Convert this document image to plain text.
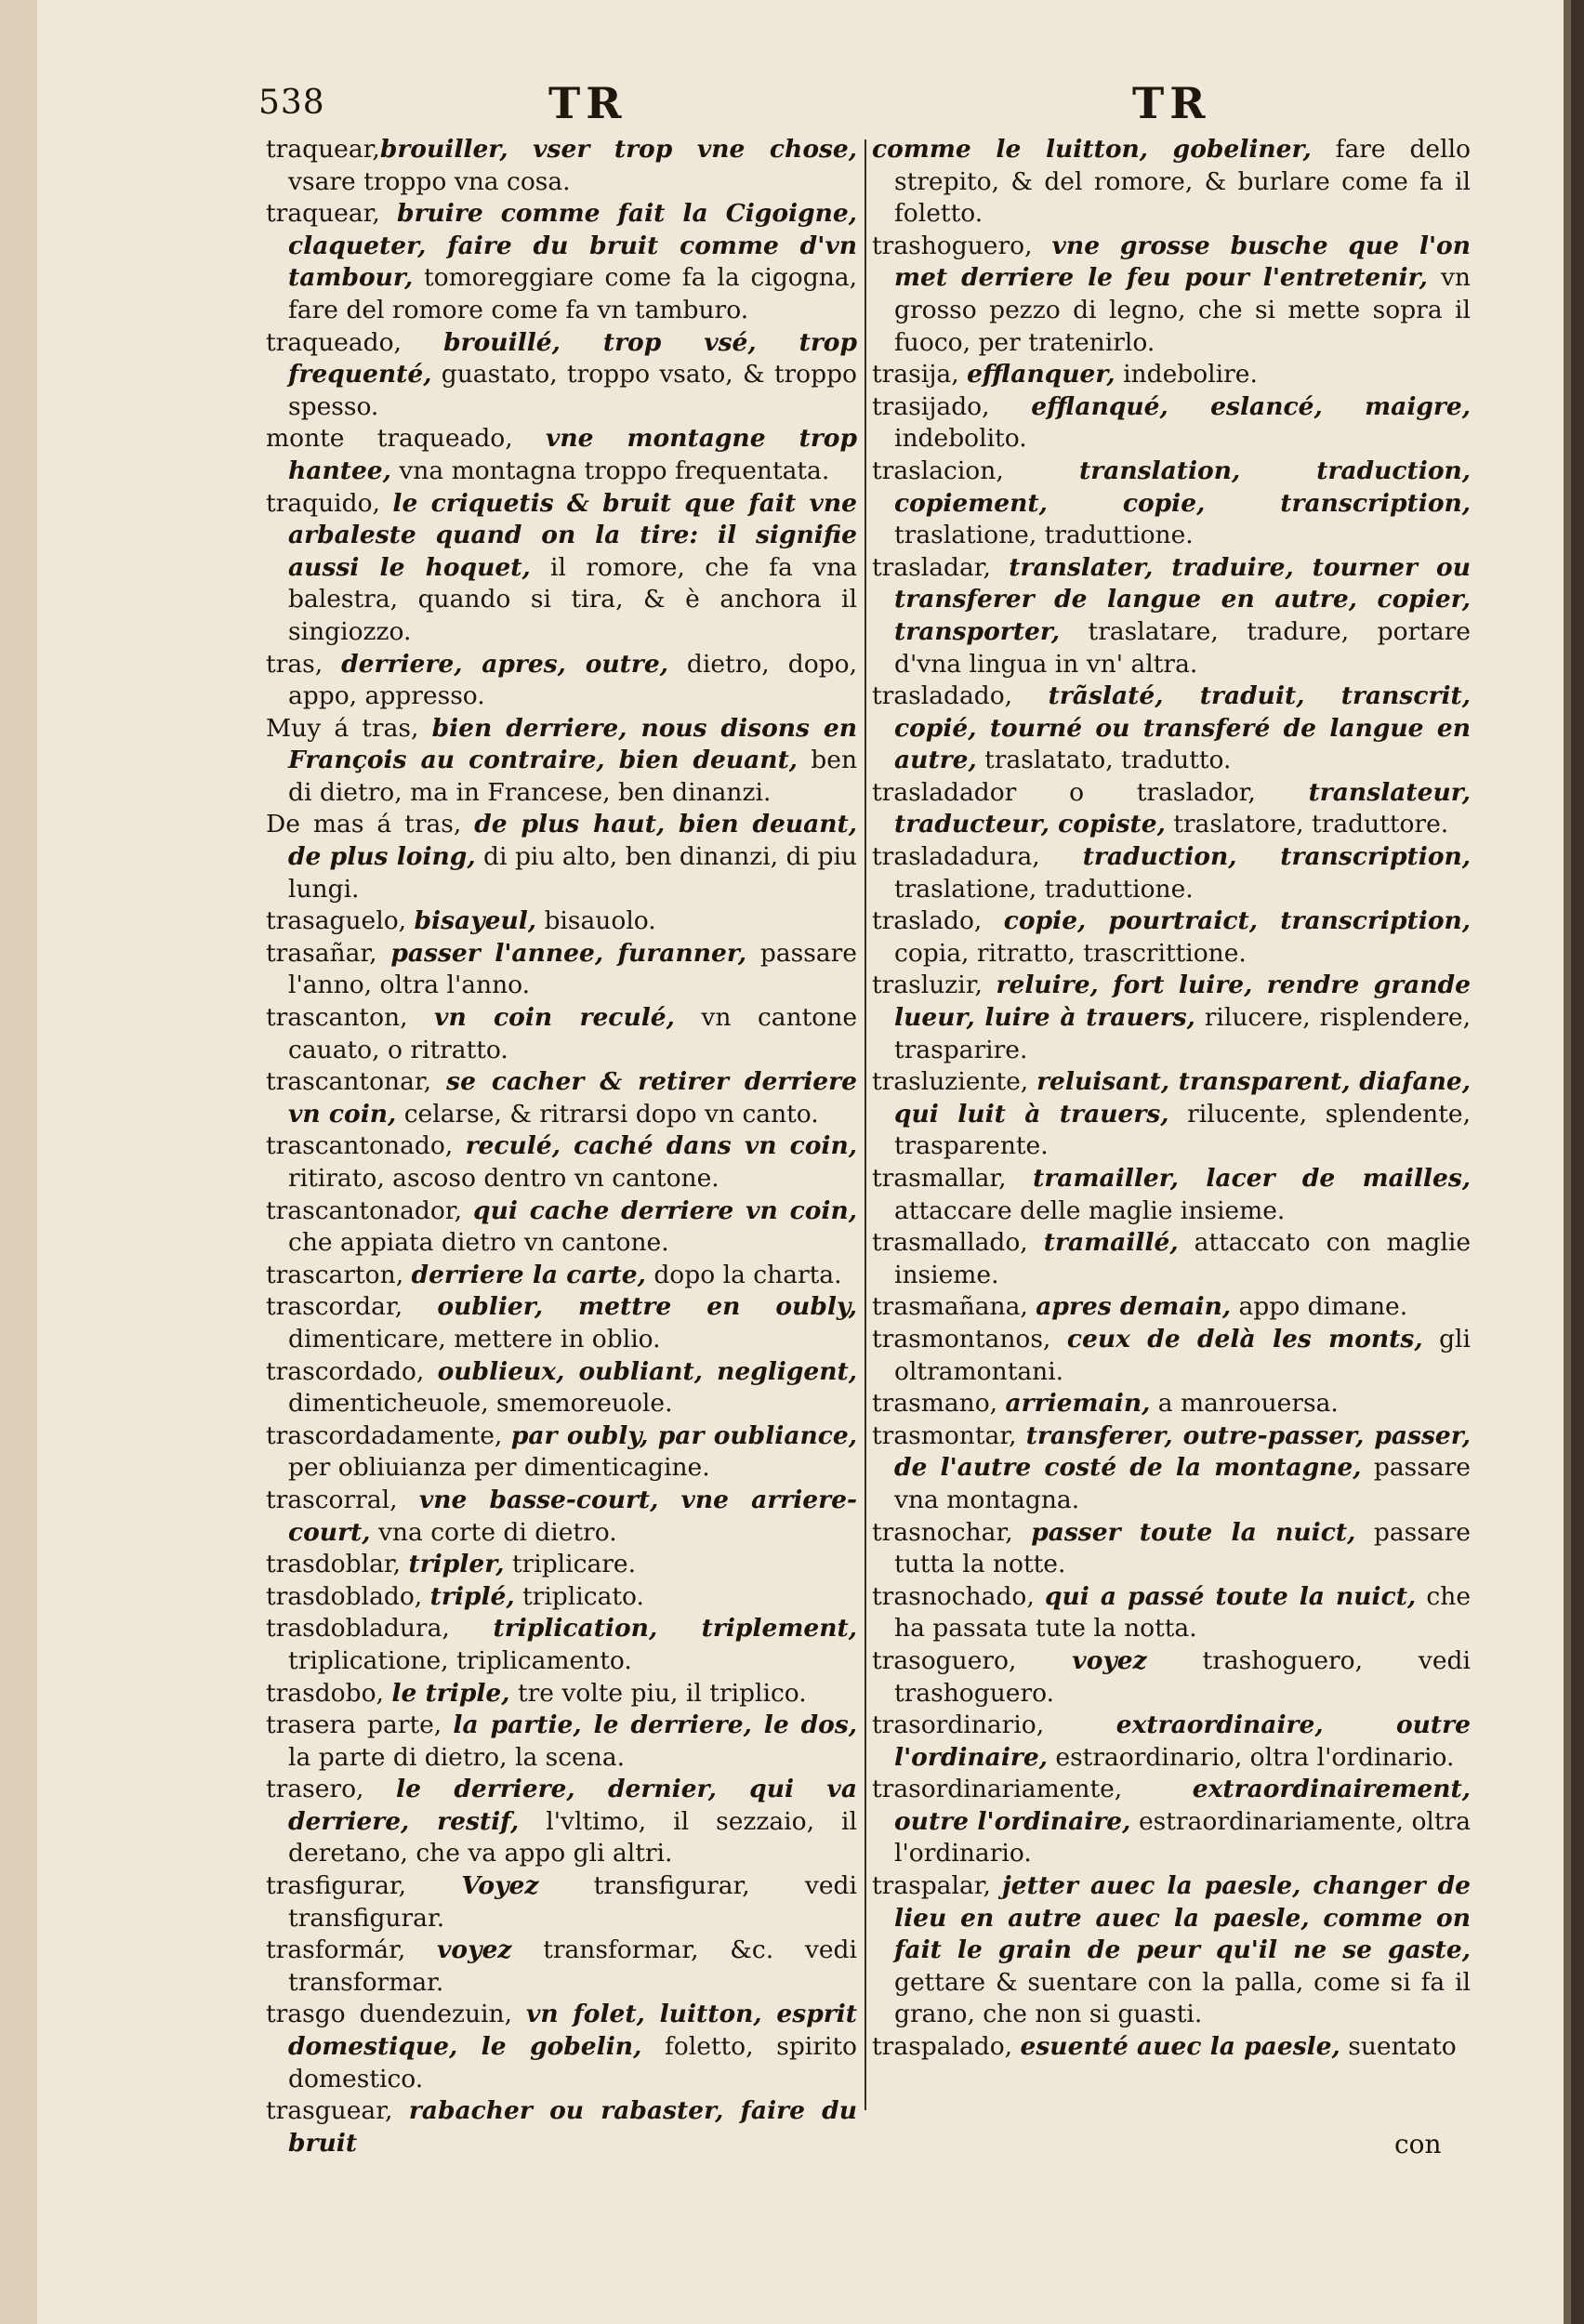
538	TR	TR

traquear,brouiller, vser trop vne chose, vsare troppo vna cosa.

traquear, bruire comme fait la Cigoigne, claqueter, faire du bruit comme d'vn tambour, tomoreggiare come fa la cigogna, fare del romore come fa vn tamburo.

traqueado, brouillé, trop vsé, trop frequenté, guastato, troppo vsato, & troppo spesso.

monte traqueado, vne montagne trop hantee, vna montagna troppo frequentata.

traquido, le criquetis & bruit que fait vne arbaleste quand on la tire: il signifie aussi le hoquet, il romore, che fa vna balestra, quando si tira, & è anchora il singiozzo.

tras, derriere, apres, outre, dietro, dopo, appo, appresso.

Muy á tras, bien derriere, nous disons en François au contraire, bien deuant, ben di dietro, ma in Francese, ben dinanzi.

De mas á tras, de plus haut, bien deuant, de plus loing, di piu alto, ben dinanzi, di piu lungi.

trasaguelo, bisayeul, bisauolo.

trasañar, passer l'annee, furanner, passare l'anno, oltra l'anno.

trascanton, vn coin reculé, vn cantone cauato, o ritratto.

trascantonar, se cacher & retirer derriere vn coin, celarse, & ritrarsi dopo vn canto.

trascantonado, reculé, caché dans vn coin, ritirato, ascoso dentro vn cantone.

trascantonador, qui cache derriere vn coin, che appiata dietro vn cantone.

trascarton, derriere la carte, dopo la charta.

trascordar, oublier, mettre en oubly, dimenticare, mettere in oblio.

trascordado, oublieux, oubliant, negligent, dimenticheuole, smemoreuole.

trascordadamente, par oubly, par oubliance, per obliuianza per dimenticagine.

trascorral, vne basse-court, vne arriere-court, vna corte di dietro.

trasdoblar, tripler, triplicare.

trasdoblado, triplé, triplicato.

trasdobladura, triplication, triplement, triplicatione, triplicamento.

trasdobo, le triple, tre volte piu, il triplico.

trasera parte, la partie, le derriere, le dos, la parte di dietro, la scena.

trasero, le derriere, dernier, qui va derriere, restif, l'vltimo, il sezzaio, il deretano, che va appo gli altri.

trasfigurar, Voyez transfigurar, vedi transfigurar.

trasformár, voyez transformar, &c. vedi transformar.

trasgo duendezuin, vn folet, luitton, esprit domestique, le gobelin, foletto, spirito domestico.

trasguear, rabacher ou rabaster, faire du bruit

comme le luitton, gobeliner, fare dello strepito, & del romore, & burlare come fa il foletto.

trashoguero, vne grosse busche que l'on met derriere le feu pour l'entretenir, vn grosso pezzo di legno, che si mette sopra il fuoco, per tratenirlo.

trasija, efflanquer, indebolire.

trasijado, efflanqué, eslancé, maigre, indebolito.

traslacion, translation, traduction, copiement, copie, transcription, traslatione, traduttione.

trasladar, translater, traduire, tourner ou transferer de langue en autre, copier, transporter, traslatare, tradure, portare d'vna lingua in vn' altra.

trasladado, trãslaté, traduit, transcrit, copié, tourné ou transferé de langue en autre, traslatato, tradutto.

trasladador o traslador, translateur, traducteur, copiste, traslatore, traduttore.

trasladadura, traduction, transcription, traslatione, traduttione.

traslado, copie, pourtraict, transcription, copia, ritratto, trascrittione.

trasluzir, reluire, fort luire, rendre grande lueur, luire à trauers, rilucere, risplendere, trasparire.

trasluziente, reluisant, transparent, diafane, qui luit à trauers, rilucente, splendente, trasparente.

trasmallar, tramailler, lacer de mailles, attaccare delle maglie insieme.

trasmallado, tramaillé, attaccato con maglie insieme.

trasmañana, apres demain, appo dimane.

trasmontanos, ceux de delà les monts, gli oltramontani.

trasmano, arriemain, a manrouersa.

trasmontar, transferer, outre-passer, passer, de l'autre costé de la montagne, passare vna montagna.

trasnochar, passer toute la nuict, passare tutta la notte.

trasnochado, qui a passé toute la nuict, che ha passata tute la notta.

trasoguero, voyez trashoguero, vedi trashoguero.

trasordinario, extraordinaire, outre l'ordinaire, estraordinario, oltra l'ordinario.

trasordinariamente, extraordinairement, outre l'ordinaire, estraordinariamente, oltra l'ordinario.

traspalar, jetter auec la paesle, changer de lieu en autre auec la paesle, comme on fait le grain de peur qu'il ne se gaste, gettare & suentare con la palla, come si fa il grano, che non si guasti.

traspalado, esuenté auec la paesle, suentato

con
